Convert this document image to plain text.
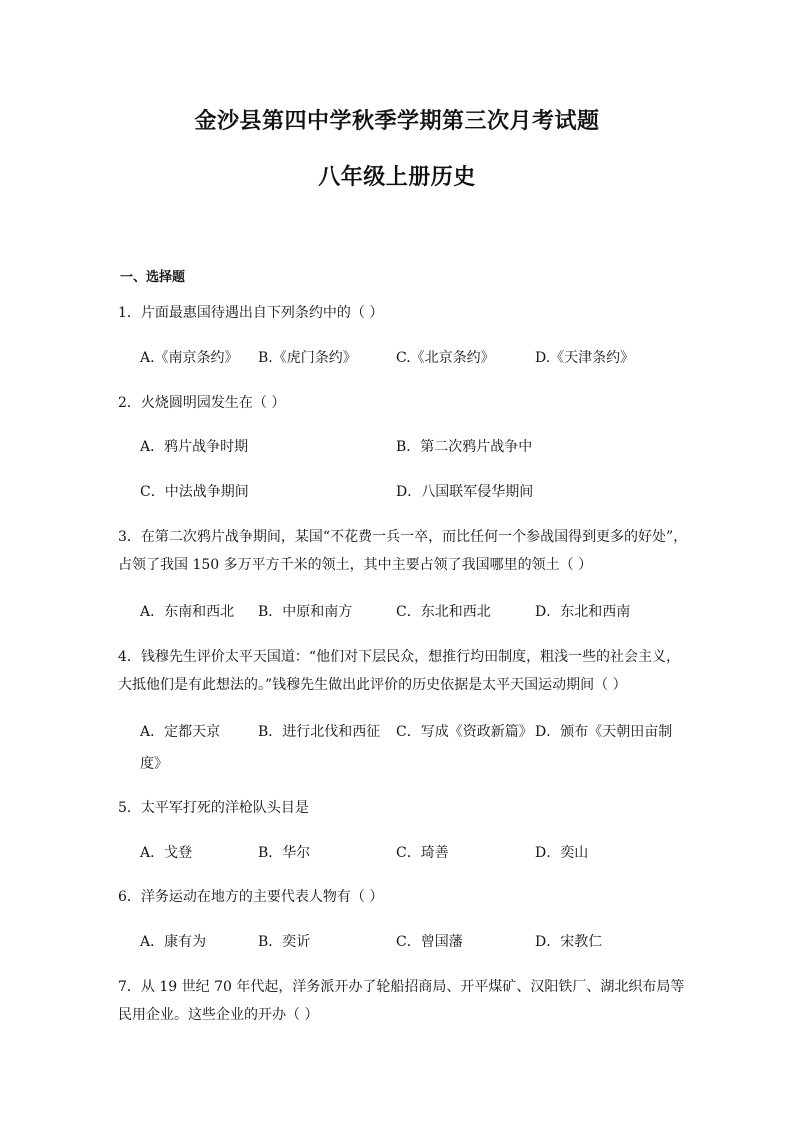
金沙县第四中学秋季学期第三次月考试题
八年级上册历史
一、选择题
1．片面最惠国待遇出自下列条约中的（ ）
A.《南京条约》 B.《虎门条约》	C.《北京条约》	D.《天津条约》
2．火烧圆明园发生在（ ）
A．鸦片战争时期	B．第二次鸦片战争中
C．中法战争期间	D．八国联军侵华期间
3．在第二次鸦片战争期间，某国“不花费一兵一卒，而比任何一个参战国得到更多的好处”，占领了我国 150 多万平方千米的领土，其中主要占领了我国哪里的领土（ ）
A．东南和西北 B．中原和南方	C．东北和西北	D．东北和西南
4．钱穆先生评价太平天国道：“他们对下层民众，想推行均田制度，粗浅一些的社会主义，大抵他们是有此想法的。”钱穆先生做出此评价的历史依据是太平天国运动期间（ ）
A．定都天京	B．进行北伐和西征 C．写成《资政新篇》 D．颁布《天朝田亩制
度》
5．太平军打死的洋枪队头目是
A．戈登	B．华尔	C．琦善	D．奕山
6．洋务运动在地方的主要代表人物有（ ）
A．康有为	B．奕䜣	C．曾国藩	D．宋教仁
7．从 19 世纪 70 年代起，洋务派开办了轮船招商局、开平煤矿、汉阳铁厂、湖北织布局等民用企业。这些企业的开办（ ）
